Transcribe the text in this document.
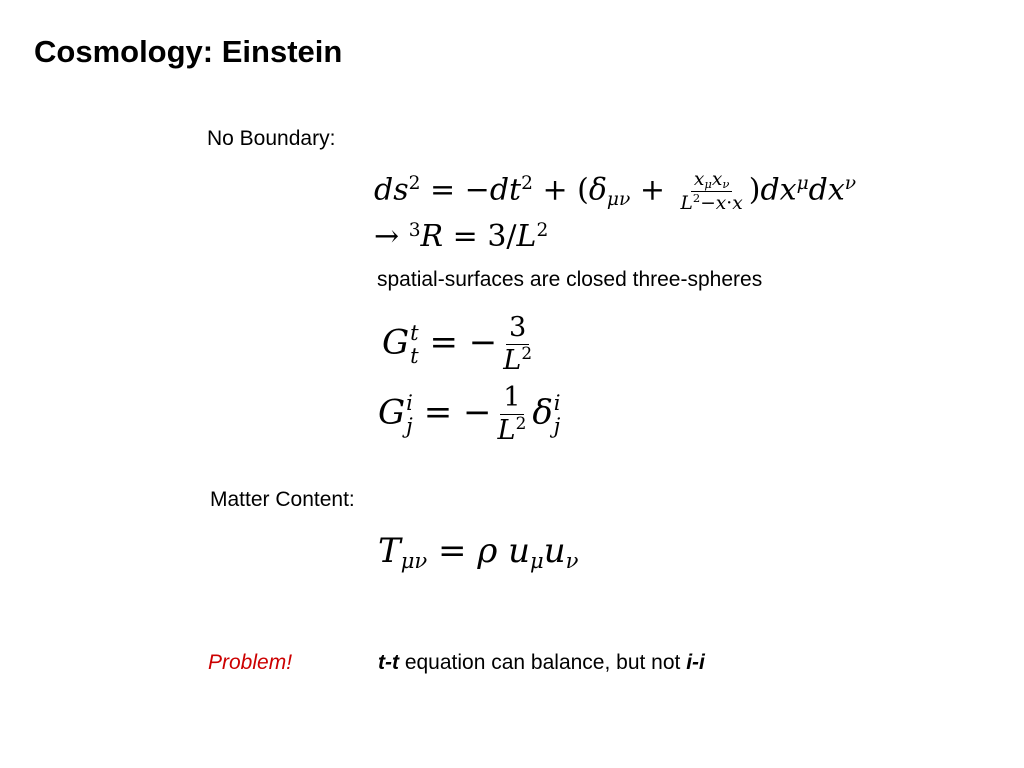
Cosmology: Einstein
No Boundary:
$ds^2 = -dt^2 + (\delta_{\mu\nu} + \frac{x_\mu x_\nu}{L^2-x\cdot x} )dx^\mu dx^\nu$
→ $^3R = 3/L^2$
spatial-surfaces are closed three-spheres
G t
t = − $\frac{3}{L^2}$
G i
j = − $\frac{1}{L^2}$ δ i
j
Matter Content:
$T_{\mu\nu} = \rho$ $u_\mu u_\nu$
Problem!	t-t equation can balance, but not i-i
